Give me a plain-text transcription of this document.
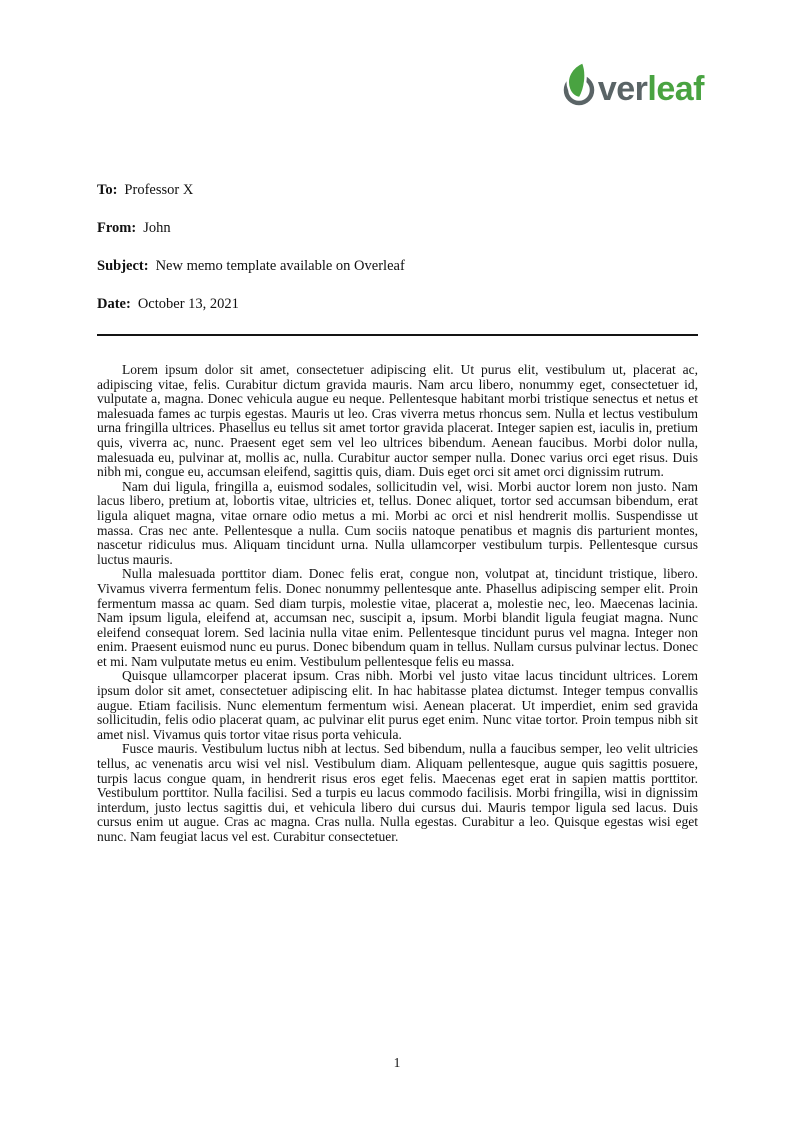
ver leaf

To: Professor X

From: John

Subject: New memo template available on Overleaf

Date: October 13, 2021

Lorem ipsum dolor sit amet, consectetuer adipiscing elit. Ut purus elit, vestibulum ut, placerat ac, adipiscing vitae, felis. Curabitur dictum gravida mauris. Nam arcu libero, nonummy eget, consectetuer id, vulputate a, magna. Donec vehicula augue eu neque. Pellentesque habitant morbi tristique senectus et netus et malesuada fames ac turpis egestas. Mauris ut leo. Cras viverra metus rhoncus sem. Nulla et lectus vestibulum urna fringilla ultrices. Phasellus eu tellus sit amet tortor gravida placerat. Integer sapien est, iaculis in, pretium quis, viverra ac, nunc. Praesent eget sem vel leo ultrices bibendum. Aenean faucibus. Morbi dolor nulla, malesuada eu, pulvinar at, mollis ac, nulla. Curabitur auctor semper nulla. Donec varius orci eget risus. Duis nibh mi, congue eu, accumsan eleifend, sagittis quis, diam. Duis eget orci sit amet orci dignissim rutrum.

Nam dui ligula, fringilla a, euismod sodales, sollicitudin vel, wisi. Morbi auctor lorem non justo. Nam lacus libero, pretium at, lobortis vitae, ultricies et, tellus. Donec aliquet, tortor sed accumsan bibendum, erat ligula aliquet magna, vitae ornare odio metus a mi. Morbi ac orci et nisl hendrerit mollis. Suspendisse ut massa. Cras nec ante. Pellentesque a nulla. Cum sociis natoque penatibus et magnis dis parturient montes, nascetur ridiculus mus. Aliquam tincidunt urna. Nulla ullamcorper vestibulum turpis. Pellentesque cursus luctus mauris.

Nulla malesuada porttitor diam. Donec felis erat, congue non, volutpat at, tincidunt tristique, libero. Vivamus viverra fermentum felis. Donec nonummy pellentesque ante. Phasellus adipiscing semper elit. Proin fermentum massa ac quam. Sed diam turpis, molestie vitae, placerat a, molestie nec, leo. Maecenas lacinia. Nam ipsum ligula, eleifend at, accumsan nec, suscipit a, ipsum. Morbi blandit ligula feugiat magna. Nunc eleifend consequat lorem. Sed lacinia nulla vitae enim. Pellentesque tincidunt purus vel magna. Integer non enim. Praesent euismod nunc eu purus. Donec bibendum quam in tellus. Nullam cursus pulvinar lectus. Donec et mi. Nam vulputate metus eu enim. Vestibulum pellentesque felis eu massa.

Quisque ullamcorper placerat ipsum. Cras nibh. Morbi vel justo vitae lacus tincidunt ultrices. Lorem ipsum dolor sit amet, consectetuer adipiscing elit. In hac habitasse platea dictumst. Integer tempus convallis augue. Etiam facilisis. Nunc elementum fermentum wisi. Aenean placerat. Ut imperdiet, enim sed gravida sollicitudin, felis odio placerat quam, ac pulvinar elit purus eget enim. Nunc vitae tortor. Proin tempus nibh sit amet nisl. Vivamus quis tortor vitae risus porta vehicula.

Fusce mauris. Vestibulum luctus nibh at lectus. Sed bibendum, nulla a faucibus semper, leo velit ultricies tellus, ac venenatis arcu wisi vel nisl. Vestibulum diam. Aliquam pellentesque, augue quis sagittis posuere, turpis lacus congue quam, in hendrerit risus eros eget felis. Maecenas eget erat in sapien mattis porttitor. Vestibulum porttitor. Nulla facilisi. Sed a turpis eu lacus commodo facilisis. Morbi fringilla, wisi in dignissim interdum, justo lectus sagittis dui, et vehicula libero dui cursus dui. Mauris tempor ligula sed lacus. Duis cursus enim ut augue. Cras ac magna. Cras nulla. Nulla egestas. Curabitur a leo. Quisque egestas wisi eget nunc. Nam feugiat lacus vel est. Curabitur consectetuer.

1
